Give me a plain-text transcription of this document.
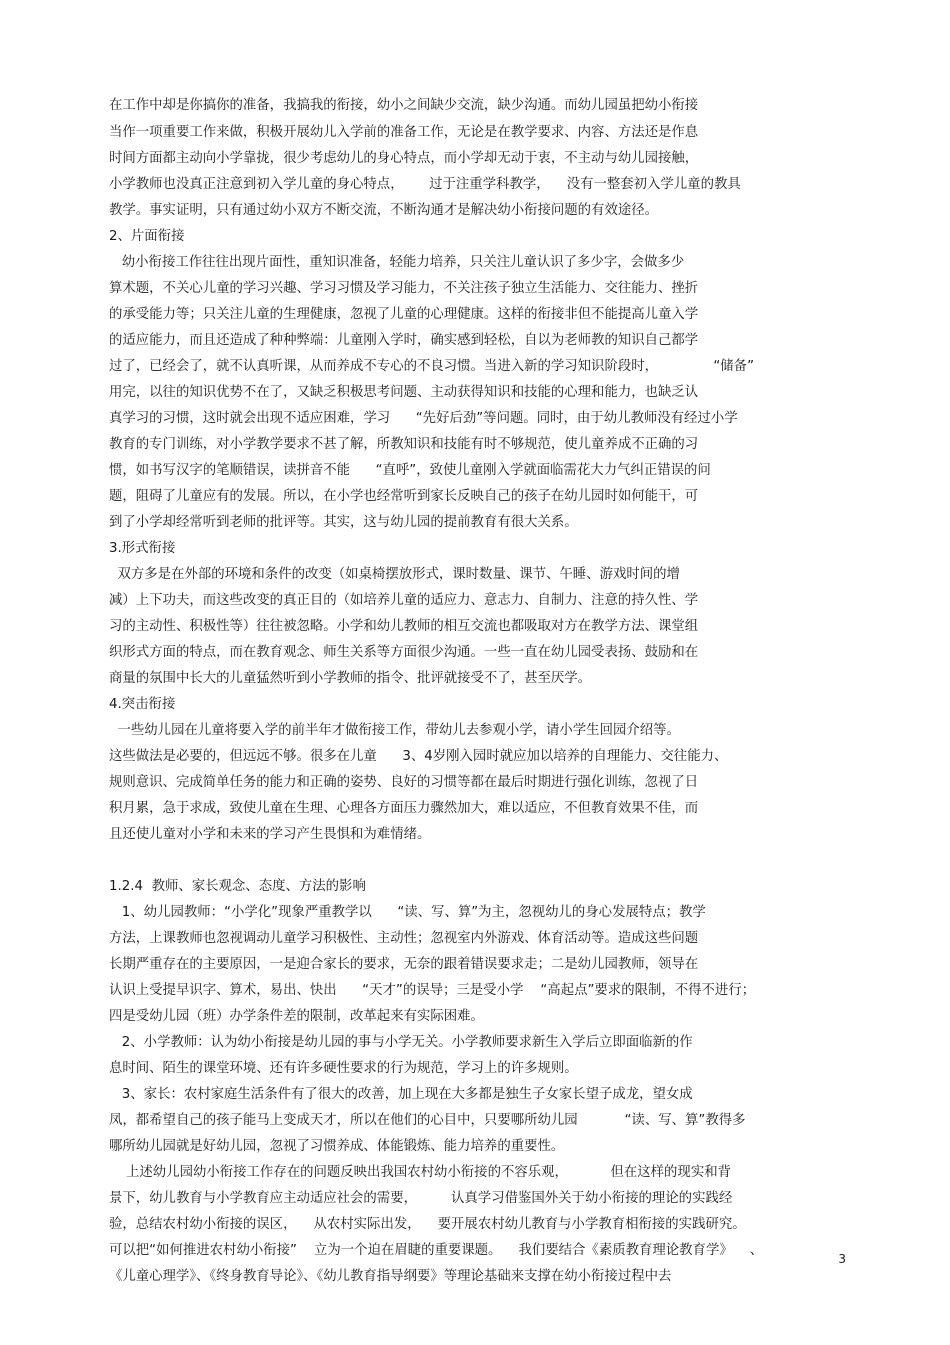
在工作中却是你搞你的准备，我搞我的衔接，幼小之间缺少交流，缺少沟通。而幼儿园虽把幼小衔接

当作一项重要工作来做，积极开展幼儿入学前的准备工作，无论是在教学要求、内容、方法还是作息

时间方面都主动向小学靠拢，很少考虑幼儿的身心特点，而小学却无动于衷，不主动与幼儿园接触，

小学教师也没真正注意到初入学儿童的身心特点，      过于注重学科教学，    没有一整套初入学儿童的教具

教学。事实证明，只有通过幼小双方不断交流，不断沟通才是解决幼小衔接问题的有效途径。

2、片面衔接

幼小衔接工作往往出现片面性，重知识准备，轻能力培养，只关注儿童认识了多少字，会做多少

算术题，不关心儿童的学习兴趣、学习习惯及学习能力，不关注孩子独立生活能力、交往能力、挫折

的承受能力等；只关注儿童的生理健康，忽视了儿童的心理健康。这样的衔接非但不能提高儿童入学

的适应能力，而且还造成了种种弊端：儿童刚入学时，确实感到轻松，自以为老师教的知识自己都学

过了，已经会了，就不认真听课，从而养成不专心的不良习惯。当进入新的学习知识阶段时，             “储备”

用完，以往的知识优势不在了，又缺乏积极思考问题、主动获得知识和技能的心理和能力，也缺乏认

真学习的习惯，这时就会出现不适应困难，学习      “先好后劲”等问题。同时，由于幼儿教师没有经过小学

教育的专门训练，对小学教学要求不甚了解，所教知识和技能有时不够规范，使儿童养成不正确的习

惯，如书写汉字的笔顺错误，读拼音不能      “直呼”，致使儿童刚入学就面临需花大力气纠正错误的问

题，阻碍了儿童应有的发展。所以，在小学也经常听到家长反映自己的孩子在幼儿园时如何能干，可

到了小学却经常听到老师的批评等。其实，这与幼儿园的提前教育有很大关系。

3.形式衔接

双方多是在外部的环境和条件的改变（如桌椅摆放形式，课时数量、课节、午睡、游戏时间的增

减）上下功夫，而这些改变的真正目的（如培养儿童的适应力、意志力、自制力、注意的持久性、学

习的主动性、积极性等）往往被忽略。小学和幼儿教师的相互交流也都吸取对方在教学方法、课堂组

织形式方面的特点，而在教育观念、师生关系等方面很少沟通。一些一直在幼儿园受表扬、鼓励和在

商量的氛围中长大的儿童猛然听到小学教师的指令、批评就接受不了，甚至厌学。

4.突击衔接

一些幼儿园在儿童将要入学的前半年才做衔接工作，带幼儿去参观小学，请小学生回园介绍等。

这些做法是必要的，但远远不够。很多在儿童      3、4岁刚入园时就应加以培养的自理能力、交往能力、

规则意识、完成简单任务的能力和正确的姿势、良好的习惯等都在最后时期进行强化训练，忽视了日

积月累，急于求成，致使儿童在生理、心理各方面压力骤然加大，难以适应，不但教育效果不佳，而

且还使儿童对小学和未来的学习产生畏惧和为难情绪。

1.2.4  教师、家长观念、态度、方法的影响

1、幼儿园教师：“小学化”现象严重教学以      “读、写、算”为主，忽视幼儿的身心发展特点；教学

方法，上课教师也忽视调动儿童学习积极性、主动性；忽视室内外游戏、体育活动等。造成这些问题

长期严重存在的主要原因，一是迎合家长的要求，无奈的跟着错误要求走；二是幼儿园教师，领导在

认识上受提早识字、算术，易出、快出      “天才”的误导；三是受小学    “高起点”要求的限制，不得不进行；

四是受幼儿园（班）办学条件差的限制，改革起来有实际困难。

2、小学教师：认为幼小衔接是幼儿园的事与小学无关。小学教师要求新生入学后立即面临新的作

息时间、陌生的课堂环境、还有许多硬性要求的行为规范，学习上的许多规则。

3、家长：农村家庭生活条件有了很大的改善，加上现在大多都是独生子女家长望子成龙，望女成

凤，都希望自己的孩子能马上变成天才，所以在他们的心目中，只要哪所幼儿园           “读、写、算”教得多

哪所幼儿园就是好幼儿园，忽视了习惯养成、体能锻炼、能力培养的重要性。

上述幼儿园幼小衔接工作存在的问题反映出我国农村幼小衔接的不容乐观，          但在这样的现实和背

景下，幼儿教育与小学教育应主动适应社会的需要，        认真学习借鉴国外关于幼小衔接的理论的实践经

验，总结农村幼小衔接的误区，    从农村实际出发，    要开展农村幼儿教育与小学教育相衔接的实践研究。

可以把“如何推进农村幼小衔接”    立为一个迫在眉睫的重要课题。    我们要结合《素质教育理论教育学》    、

《儿童心理学》、《终身教育导论》、《幼儿教育指导纲要》等理论基础来支撑在幼小衔接过程中去

3
